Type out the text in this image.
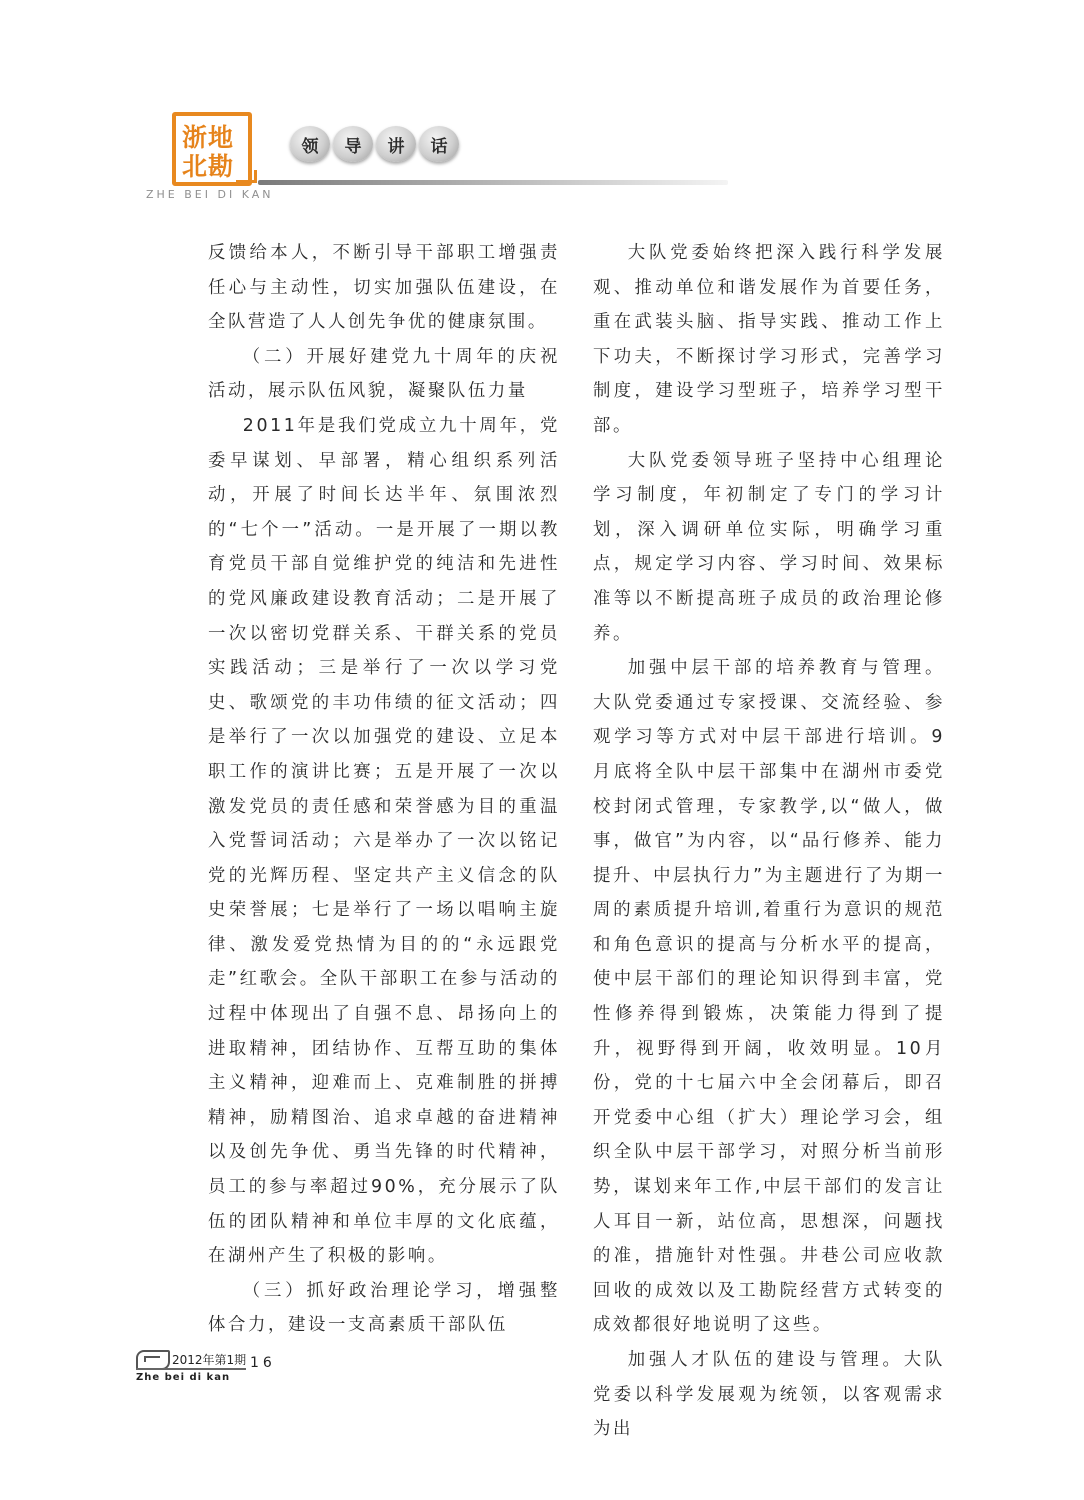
浙地
北勘
ZHE BEI DI KAN
领	导	讲	话

反馈给本人，不断引导干部职工增强责任心与主动性，切实加强队伍建设，在全队营造了人人创先争优的健康氛围。

（二）开展好建党九十周年的庆祝活动，展示队伍风貌，凝聚队伍力量

2011年是我们党成立九十周年，党委早谋划、早部署，精心组织系列活动，开展了时间长达半年、氛围浓烈的“七个一”活动。一是开展了一期以教育党员干部自觉维护党的纯洁和先进性的党风廉政建设教育活动；二是开展了一次以密切党群关系、干群关系的党员实践活动；三是举行了一次以学习党史、歌颂党的丰功伟绩的征文活动；四是举行了一次以加强党的建设、立足本职工作的演讲比赛；五是开展了一次以激发党员的责任感和荣誉感为目的重温入党誓词活动；六是举办了一次以铭记党的光辉历程、坚定共产主义信念的队史荣誉展；七是举行了一场以唱响主旋律、激发爱党热情为目的的“永远跟党走”红歌会。全队干部职工在参与活动的过程中体现出了自强不息、昂扬向上的进取精神，团结协作、互帮互助的集体主义精神，迎难而上、克难制胜的拼搏精神，励精图治、追求卓越的奋进精神以及创先争优、勇当先锋的时代精神，员工的参与率超过90%，充分展示了队伍的团队精神和单位丰厚的文化底蕴，在湖州产生了积极的影响。

（三）抓好政治理论学习，增强整体合力，建设一支高素质干部队伍

大队党委始终把深入践行科学发展观、推动单位和谐发展作为首要任务，重在武装头脑、指导实践、推动工作上下功夫，不断探讨学习形式，完善学习制度，建设学习型班子，培养学习型干部。

大队党委领导班子坚持中心组理论学习制度，年初制定了专门的学习计划，深入调研单位实际，明确学习重点，规定学习内容、学习时间、效果标准等以不断提高班子成员的政治理论修养。

加强中层干部的培养教育与管理。大队党委通过专家授课、交流经验、参观学习等方式对中层干部进行培训。9月底将全队中层干部集中在湖州市委党校封闭式管理，专家教学,以“做人，做事，做官”为内容，以“品行修养、能力提升、中层执行力”为主题进行了为期一周的素质提升培训,着重行为意识的规范和角色意识的提高与分析水平的提高，使中层干部们的理论知识得到丰富，党性修养得到锻炼，决策能力得到了提升，视野得到开阔，收效明显。10月份，党的十七届六中全会闭幕后，即召开党委中心组（扩大）理论学习会，组织全队中层干部学习，对照分析当前形势，谋划来年工作,中层干部们的发言让人耳目一新，站位高，思想深，问题找的准，措施针对性强。井巷公司应收款回收的成效以及工勘院经营方式转变的成效都很好地说明了这些。

加强人才队伍的建设与管理。大队党委以科学发展观为统领，以客观需求为出

2012年第1期 16
Zhe bei di kan
